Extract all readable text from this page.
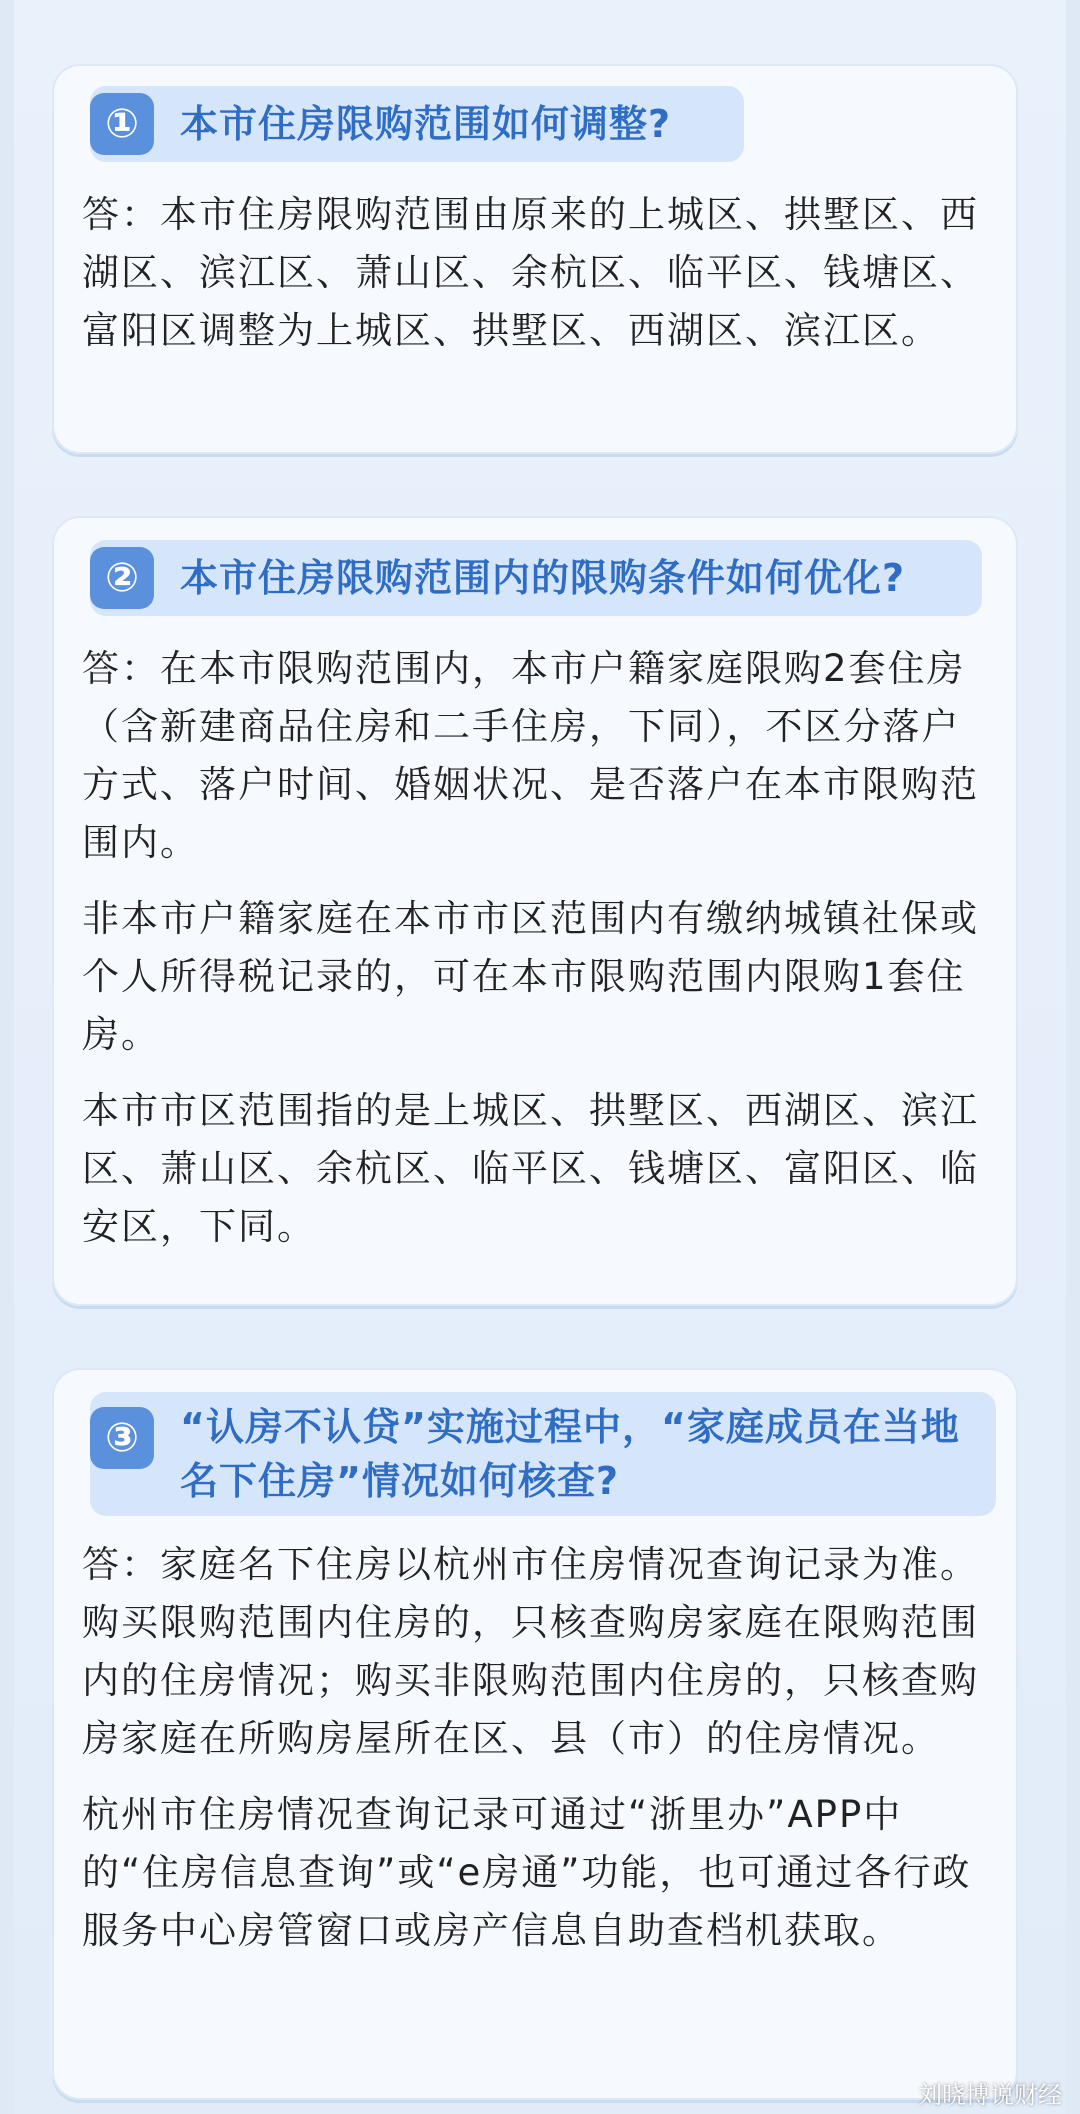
①	本市住房限购范围如何调整?

答：本市住房限购范围由原来的上城区、拱墅区、西湖区、滨江区、萧山区、余杭区、临平区、钱塘区、富阳区调整为上城区、拱墅区、西湖区、滨江区。

②	本市住房限购范围内的限购条件如何优化?

答：在本市限购范围内，本市户籍家庭限购2套住房（含新建商品住房和二手住房，下同），不区分落户方式、落户时间、婚姻状况、是否落户在本市限购范围内。

非本市户籍家庭在本市市区范围内有缴纳城镇社保或个人所得税记录的，可在本市限购范围内限购1套住房。

本市市区范围指的是上城区、拱墅区、西湖区、滨江区、萧山区、余杭区、临平区、钱塘区、富阳区、临安区，下同。

③	“认房不认贷”实施过程中，“家庭成员在当地名下住房”情况如何核查?

答：家庭名下住房以杭州市住房情况查询记录为准。购买限购范围内住房的，只核查购房家庭在限购范围内的住房情况；购买非限购范围内住房的，只核查购房家庭在所购房屋所在区、县（市）的住房情况。

杭州市住房情况查询记录可通过“浙里办”APP中的“住房信息查询”或“e房通”功能，也可通过各行政服务中心房管窗口或房产信息自助查档机获取。

刘晓博说财经
